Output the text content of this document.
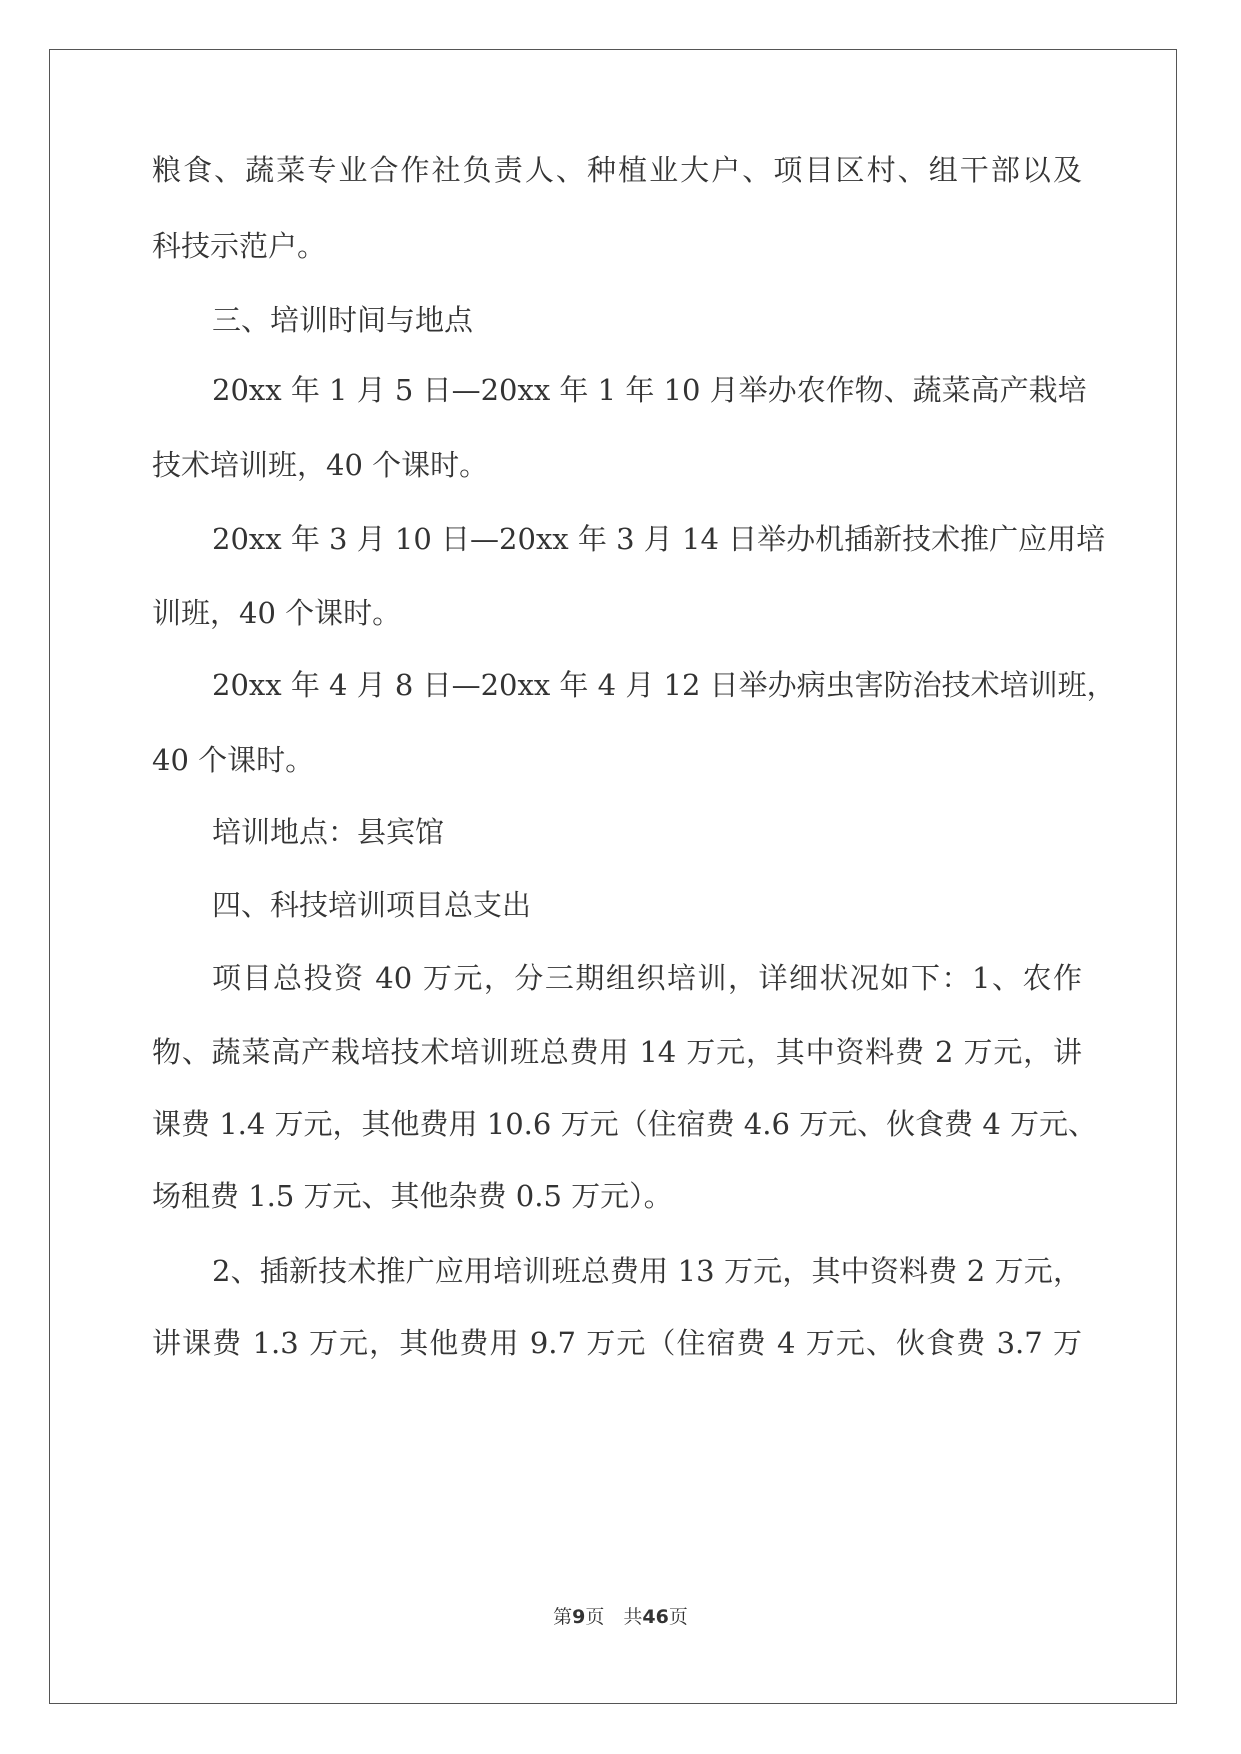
粮食、蔬菜专业合作社负责人、种植业大户、项目区村、组干部以及
科技示范户。
三、培训时间与地点
20xx 年 1 月 5 日—20xx 年 1 年 10 月举办农作物、蔬菜高产栽培
技术培训班，40 个课时。
20xx 年 3 月 10 日—20xx 年 3 月 14 日举办机插新技术推广应用培
训班，40 个课时。
20xx 年 4 月 8 日—20xx 年 4 月 12 日举办病虫害防治技术培训班，
40 个课时。
培训地点：县宾馆
四、科技培训项目总支出
项目总投资 40 万元，分三期组织培训，详细状况如下：1、农作
物、蔬菜高产栽培技术培训班总费用 14 万元，其中资料费 2 万元，讲
课费 1.4 万元，其他费用 10.6 万元（住宿费 4.6 万元、伙食费 4 万元、
场租费 1.5 万元、其他杂费 0.5 万元）。
2、插新技术推广应用培训班总费用 13 万元，其中资料费 2 万元，
讲课费 1.3 万元，其他费用 9.7 万元（住宿费 4 万元、伙食费 3.7 万
第9页　共46页
